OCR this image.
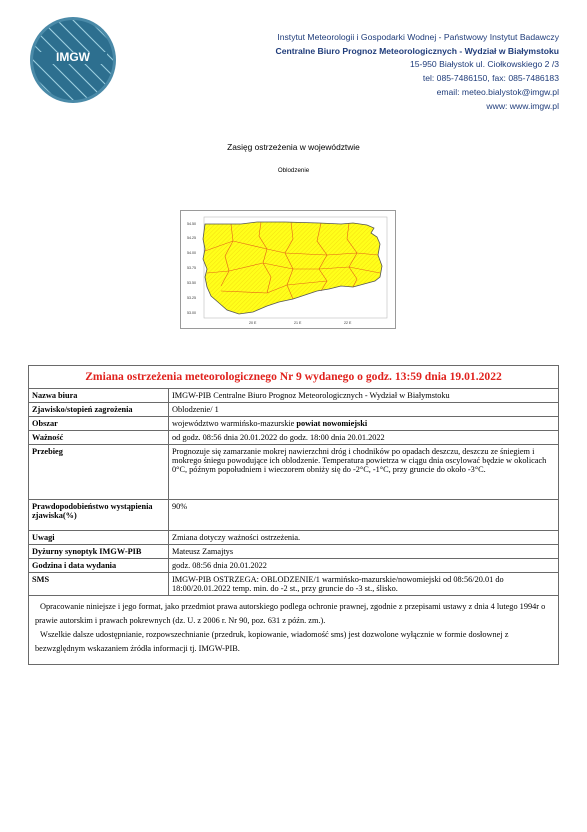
IMGW
Instytut Meteorologii i Gospodarki Wodnej - Państwowy Instytut Badawczy
Centralne Biuro Prognoz Meteorologicznych - Wydział w Białymstoku
15-950 Białystok ul. Ciołkowskiego 2 /3
tel: 085-7486150, fax: 085-7486183
email: meteo.bialystok@imgw.pl
www: www.imgw.pl
Zasięg ostrzeżenia w województwie
Oblodzenie
54.50
54.25
54.00
53.75
53.50
53.25
53.00
20 E	21 E	22 E
Zmiana ostrzeżenia meteorologicznego Nr 9 wydanego o godz. 13:59 dnia 19.01.2022	
Nazwa biura	IMGW-PIB Centralne Biuro Prognoz Meteorologicznych - Wydział w Białymstoku
Zjawisko/stopień zagrożenia	Oblodzenie/ 1
Obszar	województwo warmińsko-mazurskie powiat nowomiejski
Ważność	od godz. 08:56 dnia 20.01.2022 do godz. 18:00 dnia 20.01.2022
Przebieg	Prognozuje się zamarzanie mokrej nawierzchni dróg i chodników po opadach deszczu, deszczu ze śniegiem i mokrego śniegu powodujące ich oblodzenie. Temperatura powietrza w ciągu dnia oscylować będzie w okolicach 0°C, późnym popołudniem i wieczorem obniży się do -2°C, -1°C, przy gruncie do około -3°C.
Prawdopodobieństwo wystąpienia zjawiska(%)	90%
Uwagi	Zmiana dotyczy ważności ostrzeżenia.
Dyżurny synoptyk IMGW-PIB	Mateusz Zamajtys
Godzina i data wydania	godz. 08:56 dnia 20.01.2022
SMS	IMGW-PIB OSTRZEGA: OBLODZENIE/1 warmińsko-mazurskie/nowomiejski od 08:56/20.01 do 18:00/20.01.2022 temp. min. do -2 st., przy gruncie do -3 st., ślisko.

Opracowanie niniejsze i jego format, jako przedmiot prawa autorskiego podlega ochronie prawnej, zgodnie z przepisami ustawy z dnia 4 lutego 1994r o prawie autorskim i prawach pokrewnych (dz. U. z 2006 r. Nr 90, poz. 631 z późn. zm.).

Wszelkie dalsze udostępnianie, rozpowszechnianie (przedruk, kopiowanie, wiadomość sms) jest dozwolone wyłącznie w formie dosłownej z bezwzględnym wskazaniem źródła informacji tj. IMGW-PIB.	
